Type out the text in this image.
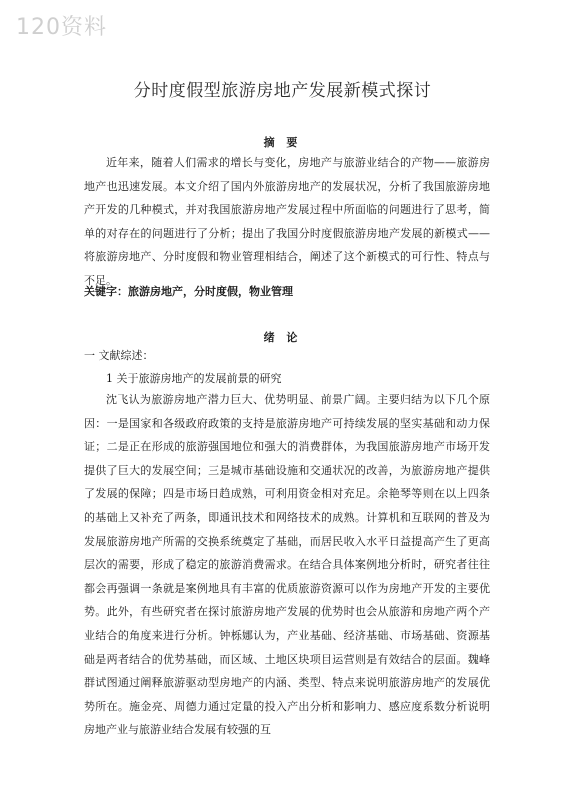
120资料
分时度假型旅游房地产发展新模式探讨
摘 要

近年来，随着人们需求的增长与变化，房地产与旅游业结合的产物——旅游房地产也迅速发展。本文介绍了国内外旅游房地产的发展状况，分析了我国旅游房地产开发的几种模式，并对我国旅游房地产发展过程中所面临的问题进行了思考，简单的对存在的问题进行了分析；提出了我国分时度假旅游房地产发展的新模式——将旅游房地产、分时度假和物业管理相结合，阐述了这个新模式的可行性、特点与不足。

关键字：旅游房地产，分时度假，物业管理
绪 论
一 文献综述：
1 关于旅游房地产的发展前景的研究

沈飞认为旅游房地产潜力巨大、优势明显、前景广阔。主要归结为以下几个原因：一是国家和各级政府政策的支持是旅游房地产可持续发展的坚实基础和动力保证；二是正在形成的旅游强国地位和强大的消费群体，为我国旅游房地产市场开发提供了巨大的发展空间；三是城市基础设施和交通状况的改善，为旅游房地产提供了发展的保障；四是市场日趋成熟，可利用资金相对充足。余艳琴等则在以上四条的基础上又补充了两条，即通讯技术和网络技术的成熟。计算机和互联网的普及为发展旅游房地产所需的交换系统奠定了基础，而居民收入水平日益提高产生了更高层次的需要，形成了稳定的旅游消费需求。在结合具体案例地分析时，研究者往往都会再强调一条就是案例地具有丰富的优质旅游资源可以作为房地产开发的主要优势。此外，有些研究者在探讨旅游房地产发展的优势时也会从旅游和房地产两个产业结合的角度来进行分析。钟栎娜认为，产业基础、经济基础、市场基础、资源基础是两者结合的优势基础，而区域、土地区块项目运营则是有效结合的层面。魏峰群试图通过阐释旅游驱动型房地产的内涵、类型、特点来说明旅游房地产的发展优势所在。施金亮、周德力通过定量的投入产出分析和影响力、感应度系数分析说明房地产业与旅游业结合发展有较强的互
